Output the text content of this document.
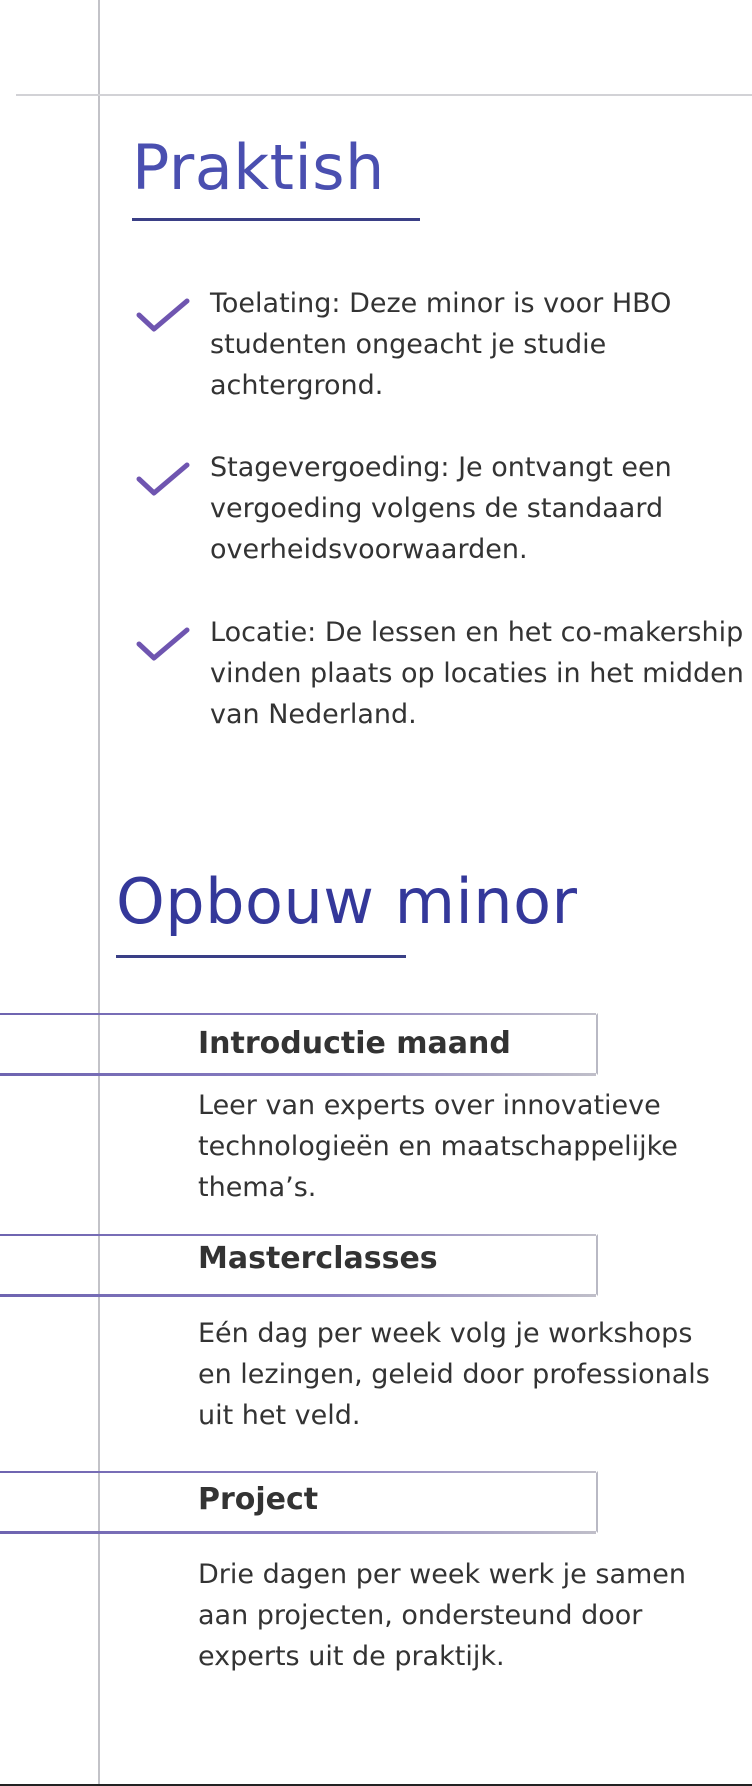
Praktish
Toelating: Deze minor is voor HBO studenten ongeacht je studie achtergrond.
Stagevergoeding: Je ontvangt een vergoeding volgens de standaard overheidsvoorwaarden.
Locatie: De lessen en het co-makership vinden plaats op locaties in het midden van Nederland.
Opbouw minor
Introductie maand
Leer van experts over innovatieve technologieën en maatschappelijke thema’s.
Masterclasses
Eén dag per week volg je workshops en lezingen, geleid door professionals uit het veld.
Project
Drie dagen per week werk je samen aan projecten, ondersteund door experts uit de praktijk.
